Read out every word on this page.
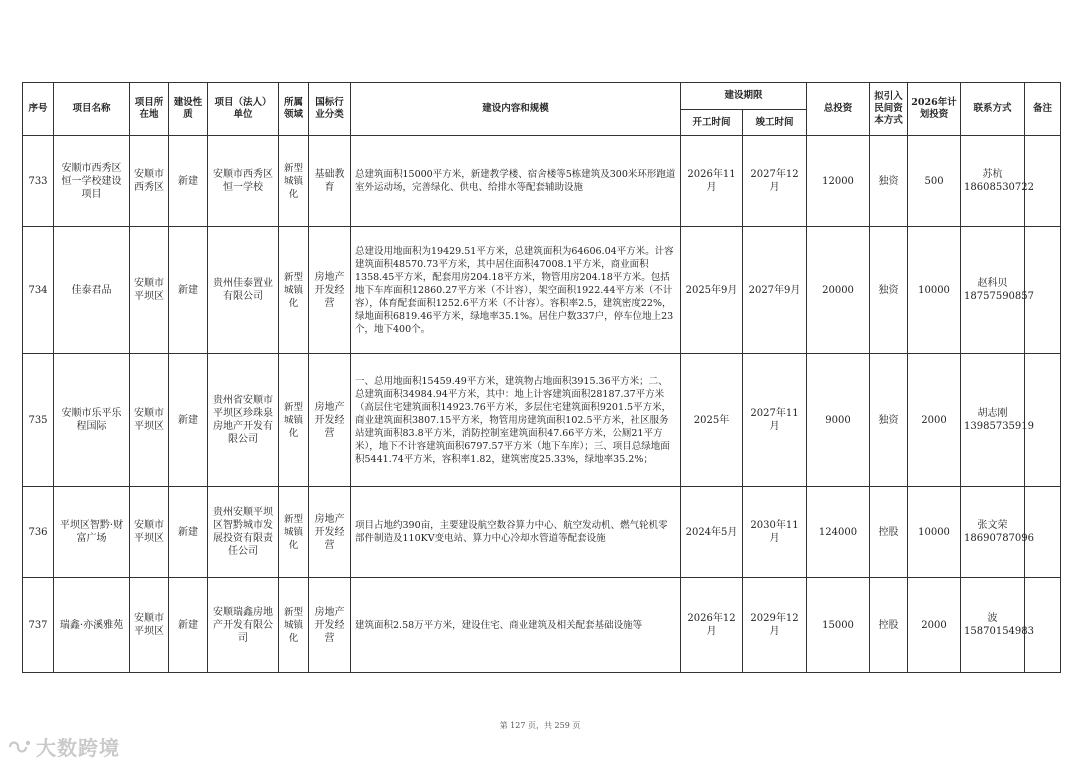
序号	项目名称	项目所在地	建设性质	项目（法人）单位	所属领域	国标行业分类	建设内容和规模	建设期限		总投资	拟引入民间资本方式	2026年计划投资	联系方式	备注
								开工时间	竣工时间					
733	安顺市西秀区恒一学校建设项目	安顺市西秀区	新建	安顺市西秀区恒一学校	新型城镇化	基础教育	总建筑面积15000平方米，新建教学楼、宿舍楼等5栋建筑及300米环形跑道室外运动场，完善绿化、供电、给排水等配套辅助设施	2026年11月	2027年12月	12000	独资	500	苏杭 18608530722	
734	佳泰君品	安顺市平坝区	新建	贵州佳泰置业有限公司	新型城镇化	房地产开发经营	总建设用地面积为19429.51平方米，总建筑面积为64606.04平方米。计容建筑面积48570.73平方米，其中居住面积47008.1平方米，商业面积1358.45平方米，配套用房204.18平方米，物管用房204.18平方米。包括地下车库面积12860.27平方米（不计容），架空面积1922.44平方米（不计容），体育配套面积1252.6平方米（不计容）。容积率2.5，建筑密度22%，绿地面积6819.46平方米，绿地率35.1%。居住户数337户，停车位地上23个，地下400个。	2025年9月	2027年9月	20000	独资	10000	赵科贝 18757590857	
735	安顺市乐平乐程国际	安顺市平坝区	新建	贵州省安顺市平坝区珍珠泉房地产开发有限公司	新型城镇化	房地产开发经营	一、总用地面积15459.49平方米，建筑物占地面积3915.36平方米；二、总建筑面积34984.94平方米，其中：地上计容建筑面积28187.37平方米（高层住宅建筑面积14923.76平方米，多层住宅建筑面积9201.5平方米，商业建筑面积3807.15平方米，物管用房建筑面积102.5平方米，社区服务站建筑面积83.8平方米，消防控制室建筑面积47.66平方米，公厕21平方米），地下不计容建筑面积6797.57平方米（地下车库）；三、项目总绿地面积5441.74平方米，容积率1.82，建筑密度25.33%，绿地率35.2%；	2025年	2027年11月	9000	独资	2000	胡志刚 13985735919	
736	平坝区智黔·财富广场	安顺市平坝区	新建	贵州安顺平坝区智黔城市发展投资有限责任公司	新型城镇化	房地产开发经营	项目占地约390亩，主要建设航空数谷算力中心、航空发动机、燃气轮机零部件制造及110KV变电站、算力中心冷却水管道等配套设施	2024年5月	2030年11月	124000	控股	10000	张文荣 18690787096	
737	瑞鑫·亦溪雅苑	安顺市平坝区	新建	安顺瑞鑫房地产开发有限公司	新型城镇化	房地产开发经营	建筑面积2.58万平方米，建设住宅、商业建筑及相关配套基础设施等	2026年12月	2029年12月	15000	控股	2000	波15870154983	
第 127 页，共 259 页
大数跨境
